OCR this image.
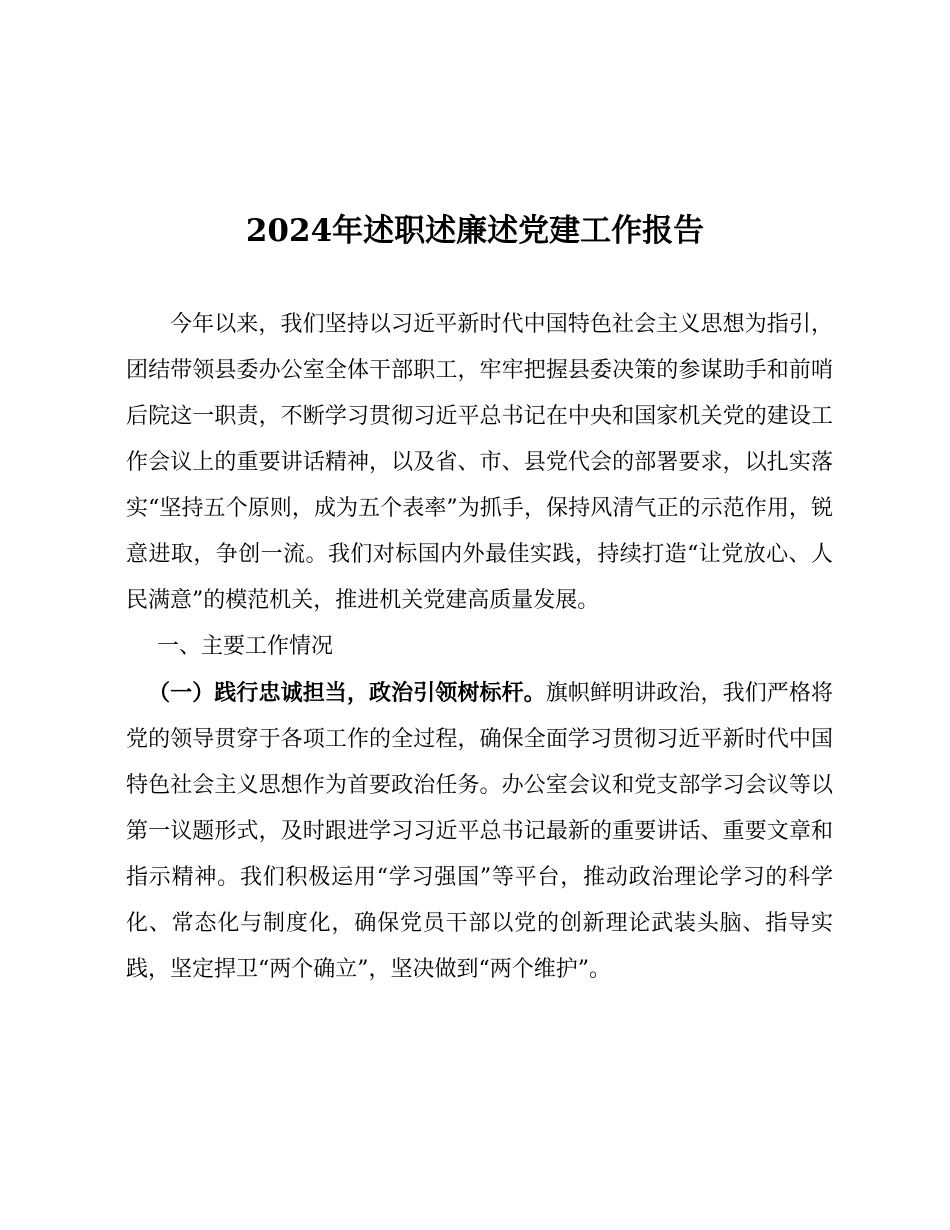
2024年述职述廉述党建工作报告

今年以来，我们坚持以习近平新时代中国特色社会主义思想为指引，团结带领县委办公室全体干部职工，牢牢把握县委决策的参谋助手和前哨后院这一职责，不断学习贯彻习近平总书记在中央和国家机关党的建设工作会议上的重要讲话精神，以及省、市、县党代会的部署要求，以扎实落实“坚持五个原则，成为五个表率”为抓手，保持风清气正的示范作用，锐意进取，争创一流。我们对标国内外最佳实践，持续打造“让党放心、人民满意”的模范机关，推进机关党建高质量发展。

一、主要工作情况

（一）践行忠诚担当，政治引领树标杆。旗帜鲜明讲政治，我们严格将党的领导贯穿于各项工作的全过程，确保全面学习贯彻习近平新时代中国特色社会主义思想作为首要政治任务。办公室会议和党支部学习会议等以第一议题形式，及时跟进学习习近平总书记最新的重要讲话、重要文章和指示精神。我们积极运用“学习强国”等平台，推动政治理论学习的科学化、常态化与制度化，确保党员干部以党的创新理论武装头脑、指导实践，坚定捍卫“两个确立”，坚决做到“两个维护”。
